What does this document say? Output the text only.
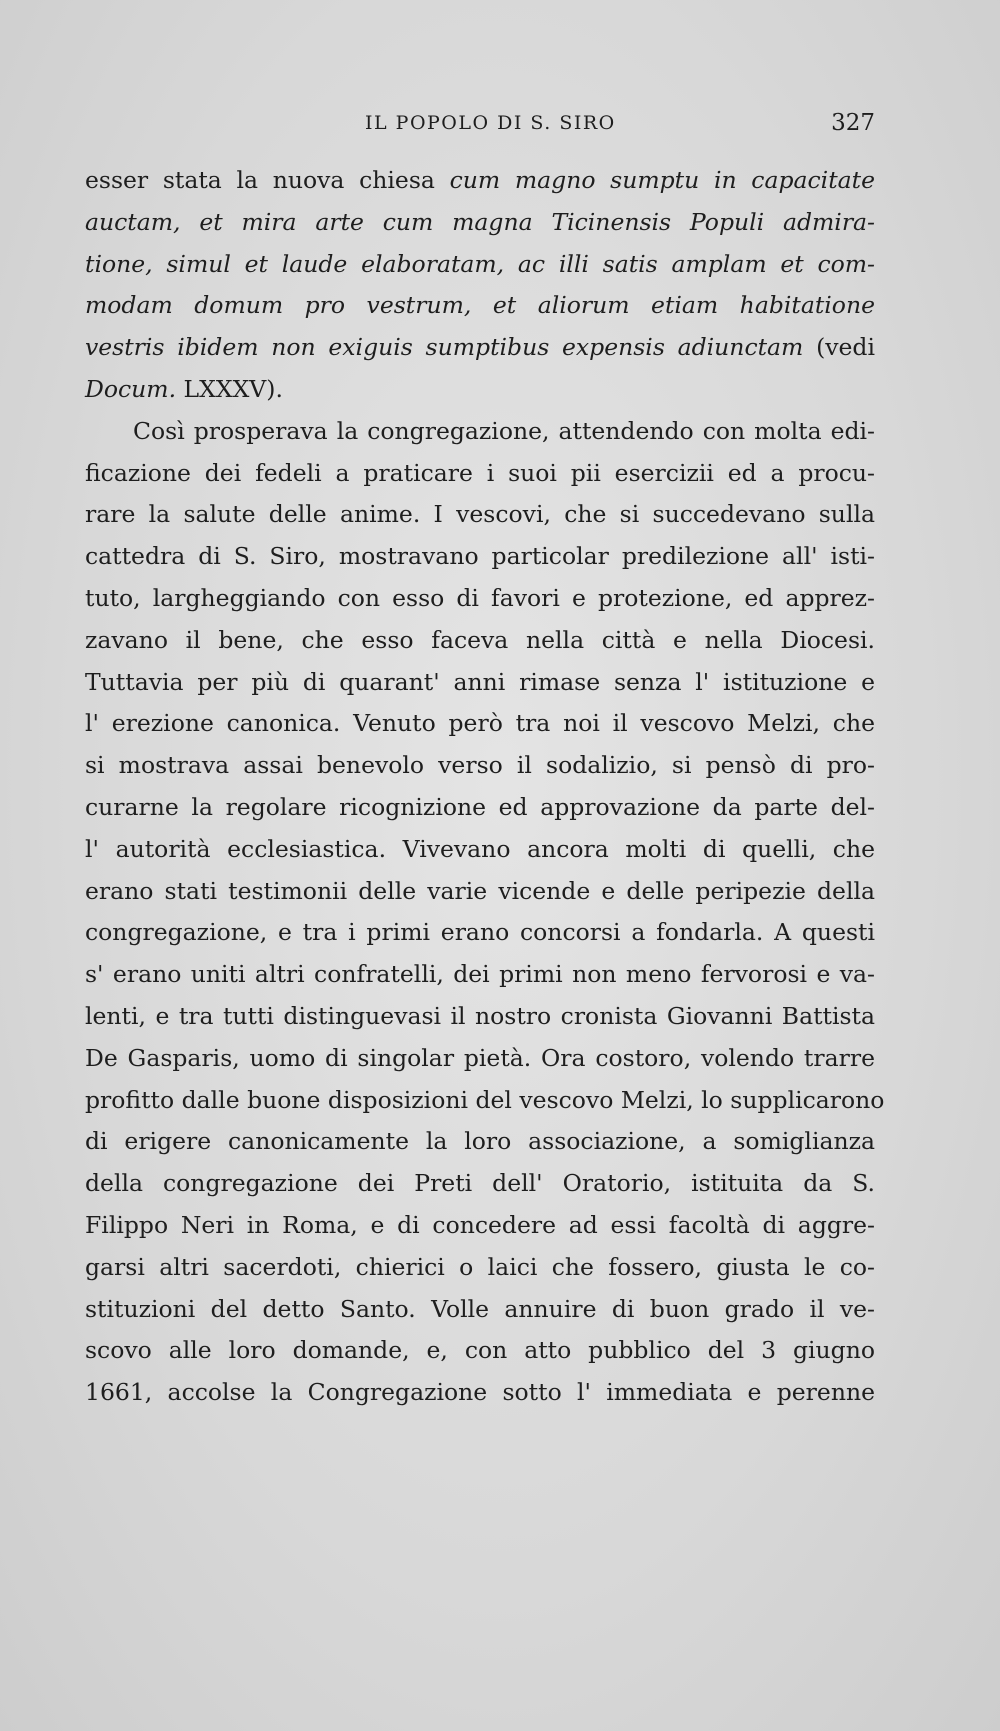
IL POPOLO DI S. SIRO	327
esser stata la nuova chiesa cum magno sumptu in capacitate
auctam, et mira arte cum magna Ticinensis Populi admira-
tione, simul et laude elaboratam, ac illi satis amplam et com-
modam domum pro vestrum, et aliorum etiam habitatione
vestris ibidem non exiguis sumptibus expensis adiunctam (vedi
Docum. LXXXV).
Così prosperava la congregazione, attendendo con molta edi-
ficazione dei fedeli a praticare i suoi pii esercizii ed a procu-
rare la salute delle anime. I vescovi, che si succedevano sulla
cattedra di S. Siro, mostravano particolar predilezione all' isti-
tuto, largheggiando con esso di favori e protezione, ed apprez-
zavano il bene, che esso faceva nella città e nella Diocesi.
Tuttavia per più di quarant' anni rimase senza l' istituzione e
l' erezione canonica. Venuto però tra noi il vescovo Melzi, che
si mostrava assai benevolo verso il sodalizio, si pensò di pro-
curarne la regolare ricognizione ed approvazione da parte del-
l' autorità ecclesiastica. Vivevano ancora molti di quelli, che
erano stati testimonii delle varie vicende e delle peripezie della
congregazione, e tra i primi erano concorsi a fondarla. A questi
s' erano uniti altri confratelli, dei primi non meno fervorosi e va-
lenti, e tra tutti distinguevasi il nostro cronista Giovanni Battista
De Gasparis, uomo di singolar pietà. Ora costoro, volendo trarre
profitto dalle buone disposizioni del vescovo Melzi, lo supplicarono
di erigere canonicamente la loro associazione, a somiglianza
della congregazione dei Preti dell' Oratorio, istituita da S.
Filippo Neri in Roma, e di concedere ad essi facoltà di aggre-
garsi altri sacerdoti, chierici o laici che fossero, giusta le co-
stituzioni del detto Santo. Volle annuire di buon grado il ve-
scovo alle loro domande, e, con atto pubblico del 3 giugno
1661, accolse la Congregazione sotto l' immediata e perenne
